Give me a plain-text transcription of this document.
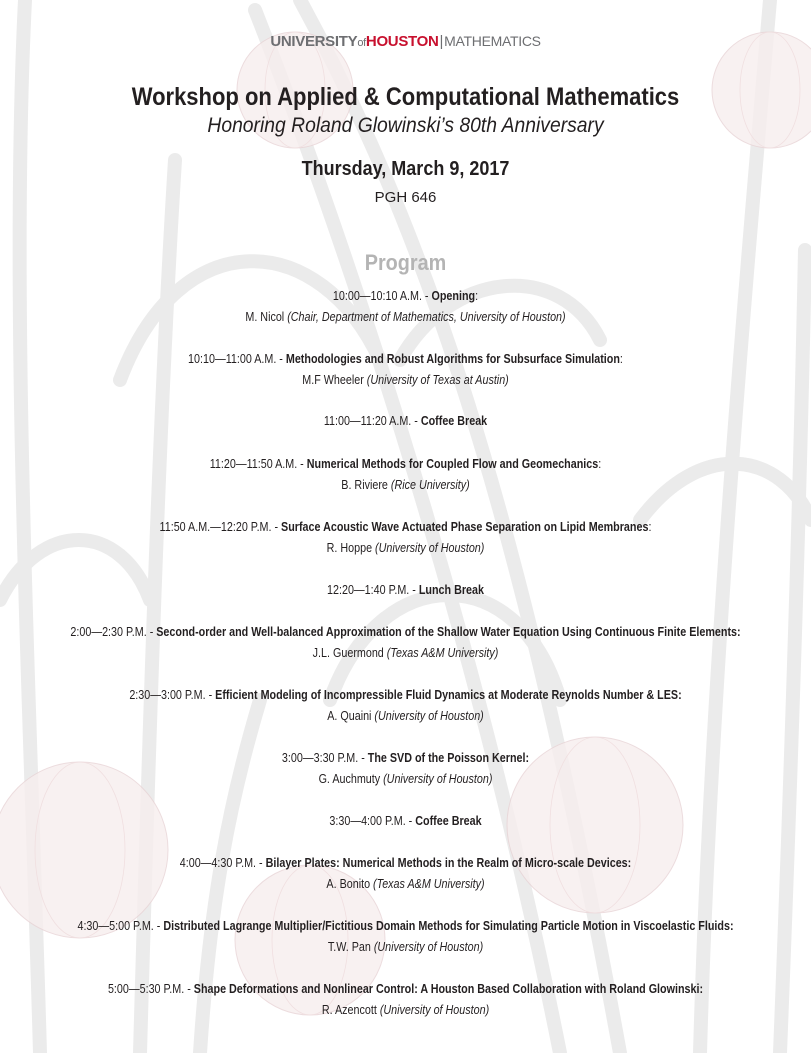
UNIVERSITYofHOUSTON|MATHEMATICS
Workshop on Applied & Computational Mathematics
Honoring Roland Glowinski’s 80th Anniversary
Thursday, March 9, 2017
PGH 646
Program
10:00—10:10 A.M. - Opening:
M. Nicol (Chair, Department of Mathematics, University of Houston)
10:10—11:00 A.M. - Methodologies and Robust Algorithms for Subsurface Simulation:
M.F Wheeler (University of Texas at Austin)
11:00—11:20 A.M. - Coffee Break
11:20—11:50 A.M. - Numerical Methods for Coupled Flow and Geomechanics:
B. Riviere (Rice University)
11:50 A.M.—12:20 P.M. - Surface Acoustic Wave Actuated Phase Separation on Lipid Membranes:
R. Hoppe (University of Houston)
12:20—1:40 P.M. - Lunch Break
2:00—2:30 P.M. - Second-order and Well-balanced Approximation of the Shallow Water Equation Using Continuous Finite Elements:
J.L. Guermond (Texas A&M University)
2:30—3:00 P.M. - Efficient Modeling of Incompressible Fluid Dynamics at Moderate Reynolds Number & LES:
A. Quaini (University of Houston)
3:00—3:30 P.M. - The SVD of the Poisson Kernel:
G. Auchmuty (University of Houston)
3:30—4:00 P.M. - Coffee Break
4:00—4:30 P.M. - Bilayer Plates: Numerical Methods in the Realm of Micro-scale Devices:
A. Bonito (Texas A&M University)
4:30—5:00 P.M. - Distributed Lagrange Multiplier/Fictitious Domain Methods for Simulating Particle Motion in Viscoelastic Fluids:
T.W. Pan (University of Houston)
5:00—5:30 P.M. - Shape Deformations and Nonlinear Control: A Houston Based Collaboration with Roland Glowinski:
R. Azencott (University of Houston)
